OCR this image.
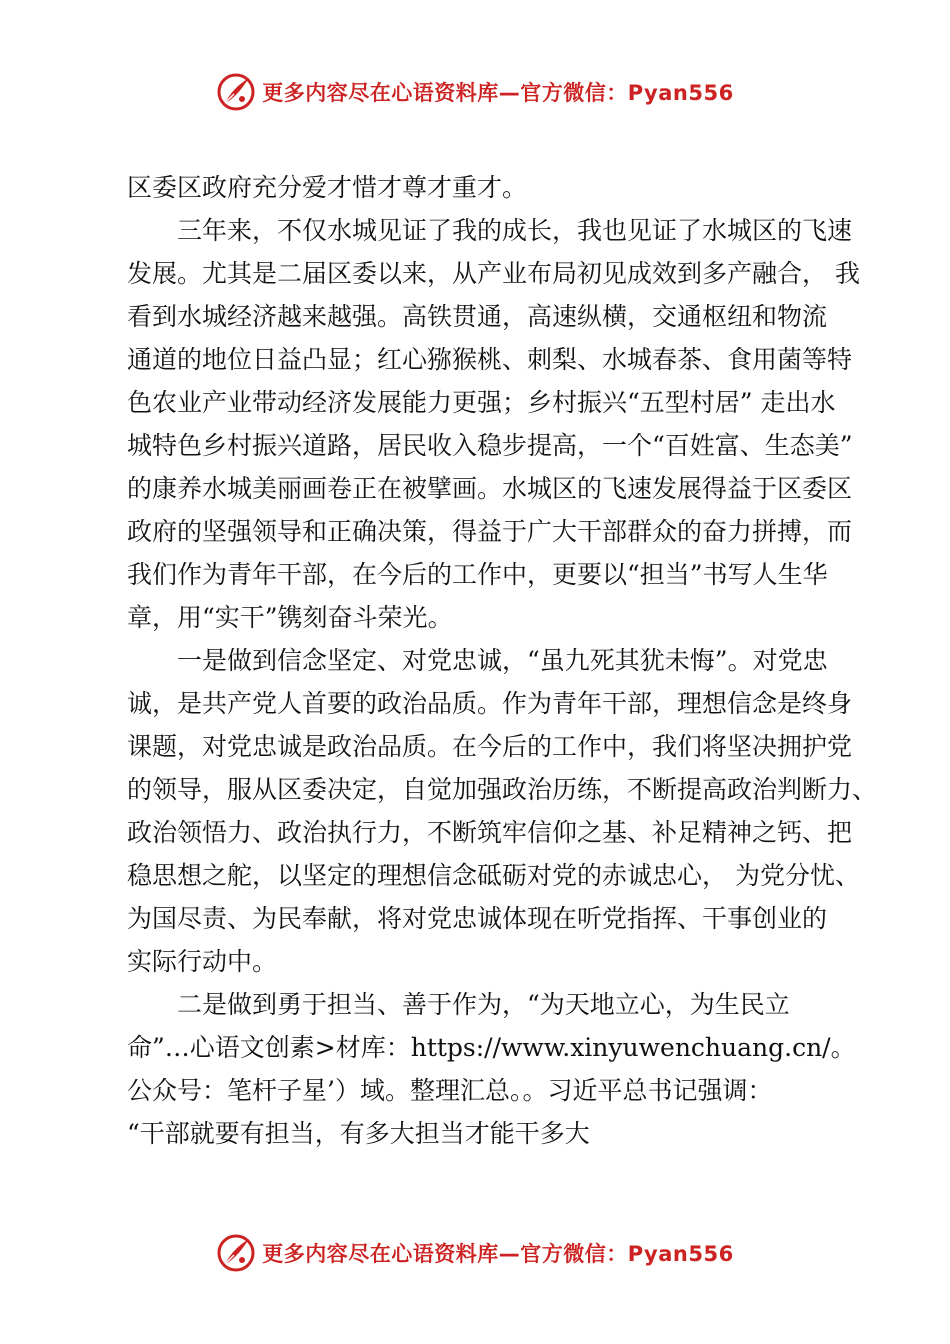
更多内容尽在心语资料库—官方微信：Pyan556
区委区政府充分爱才惜才尊才重才。
三年来，不仅水城见证了我的成长，我也见证了水城区的飞速
发展。尤其是二届区委以来，从产业布局初见成效到多产融合， 我
看到水城经济越来越强。高铁贯通，高速纵横，交通枢纽和物流
通道的地位日益凸显；红心猕猴桃、刺梨、水城春茶、食用菌等特
色农业产业带动经济发展能力更强；乡村振兴“五型村居” 走出水
城特色乡村振兴道路，居民收入稳步提高，一个“百姓富、生态美”
的康养水城美丽画卷正在被擘画。水城区的飞速发展得益于区委区
政府的坚强领导和正确决策，得益于广大干部群众的奋力拼搏，而
我们作为青年干部，在今后的工作中，更要以“担当”书写人生华
章，用“实干”镌刻奋斗荣光。
一是做到信念坚定、对党忠诚，“虽九死其犹未悔”。对党忠
诚，是共产党人首要的政治品质。作为青年干部，理想信念是终身
课题，对党忠诚是政治品质。在今后的工作中，我们将坚决拥护党
的领导，服从区委决定，自觉加强政治历练，不断提高政治判断力、
政治领悟力、政治执行力，不断筑牢信仰之基、补足精神之钙、把
稳思想之舵，以坚定的理想信念砥砺对党的赤诚忠心， 为党分忧、
为国尽责、为民奉献，将对党忠诚体现在听党指挥、干事创业的
实际行动中。
二是做到勇于担当、善于作为，“为天地立心，为生民立
命”…心语文创素>材库：https://www.xinyuwenchuang.cn/。
公众号：笔杆子星’）域。整理汇总。。习近平总书记强调：
“干部就要有担当，有多大担当才能干多大
更多内容尽在心语资料库—官方微信：Pyan556
